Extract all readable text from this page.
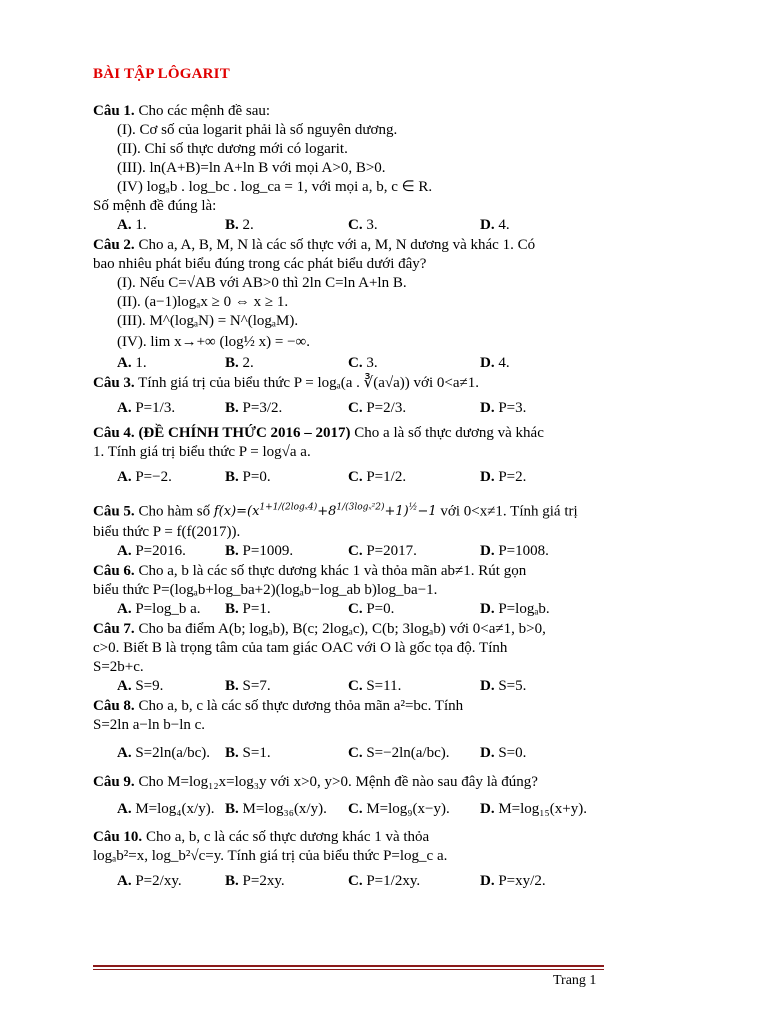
BÀI TẬP LÔGARIT
Câu 1. Cho các mệnh đề sau:
(I). Cơ số của logarit phải là số nguyên dương.
(II). Chỉ số thực dương mới có logarit.
(III). ln(A+B)=ln A+ln B với mọi A>0, B>0.
(IV) logₐb . log_bc . log_ca = 1, với mọi a, b, c ∈ R.
Số mệnh đề đúng là:
A. 1.	B. 2.	C. 3.	D. 4.
Câu 2. Cho a, A, B, M, N là các số thực với a, M, N dương và khác 1. Có
bao nhiêu phát biểu đúng trong các phát biểu dưới đây?
(I). Nếu C=√AB với AB>0 thì 2ln C=ln A+ln B.
(II). (a−1)logₐx ≥ 0 ⇔ x ≥ 1.
(III). M^(logₐN) = N^(logₐM).
(IV). lim x→+∞ (log½ x) = −∞.
A. 1.	B. 2.	C. 3.	D. 4.
Câu 3. Tính giá trị của biểu thức P = logₐ(a . ∛(a√a)) với 0<a≠1.
A. P=1/3.	B. P=3/2.	C. P=2/3.	D. P=3.
Câu 4. (ĐỀ CHÍNH THỨC 2016 – 2017) Cho a là số thực dương và khác
1. Tính giá trị biểu thức P = log√a a.
A. P=−2.	B. P=0.	C. P=1/2.	D. P=2.
Câu 5. Cho hàm số $f(x)=(x^{1+1/(2log_x4)}+8^{1/(3log_x^22)}+1)^{\frac{1}{2}}-1$ với 0<x≠1. Tính giá trị
biểu thức P = f(f(2017)).
A. P=2016.	B. P=1009.	C. P=2017.	D. P=1008.
Câu 6. Cho a, b là các số thực dương khác 1 và thỏa mãn ab≠1. Rút gọn
biểu thức P=(logₐb+log_ba+2)(logₐb−log_ab b)log_ba−1.
A. P=log_b a. B. P=1.	C. P=0.	D. P=logₐb.
Câu 7. Cho ba điểm A(b; logₐb), B(c; 2logₐc), C(b; 3logₐb) với 0<a≠1, b>0,
c>0. Biết B là trọng tâm của tam giác OAC với O là gốc tọa độ. Tính
S=2b+c.
A. S=9.	B. S=7.	C. S=11.	D. S=5.
Câu 8. Cho a, b, c là các số thực dương thỏa mãn a²=bc. Tính
S=2ln a−ln b−ln c.
A. S=2ln(a/bc). B. S=1.	C. S=−2ln(a/bc). D. S=0.
Câu 9. Cho M=log₁₂x=log₃y với x>0, y>0. Mệnh đề nào sau đây là đúng?
A. M=log₄(x/y). B. M=log₃₆(x/y). C. M=log₉(x−y). D. M=log₁₅(x+y).
Câu 10. Cho a, b, c là các số thực dương khác 1 và thỏa
logₐb²=x, log_b²√c=y. Tính giá trị của biểu thức P=log_c a.
A. P=2/xy.	B. P=2xy.	C. P=1/2xy.	D. P=xy/2.
Trang 1
